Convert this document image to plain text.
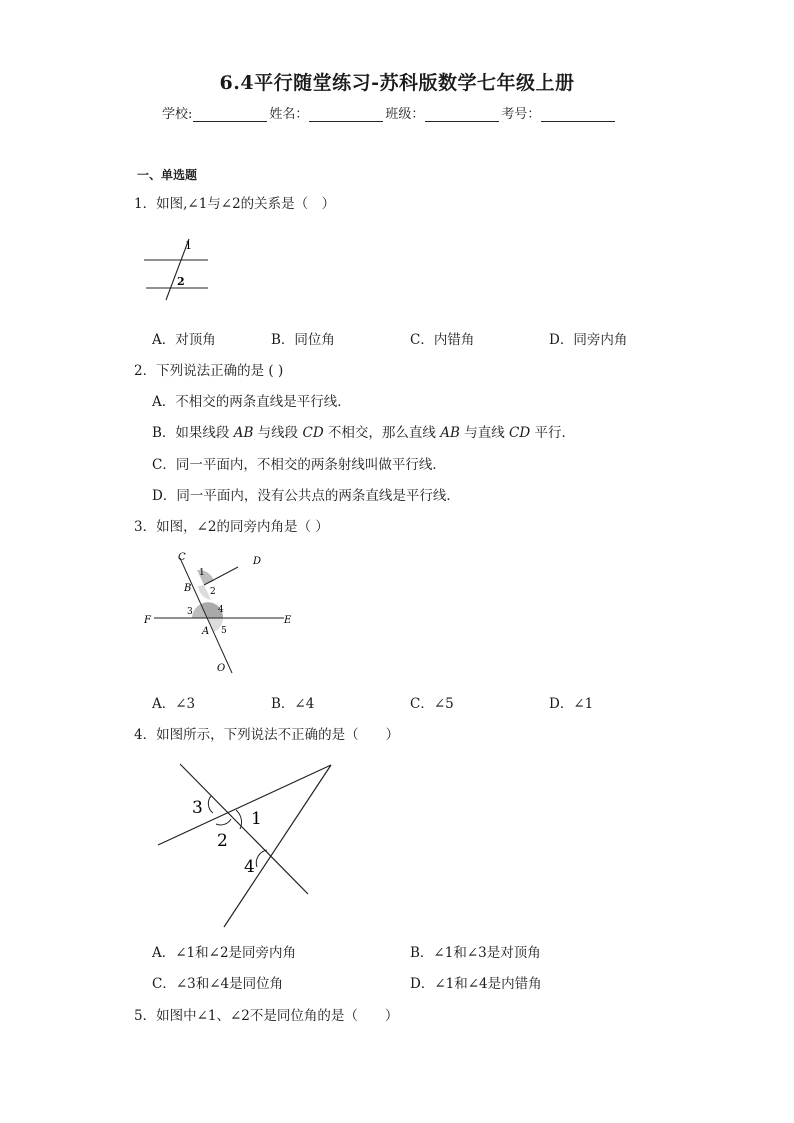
6.4平行随堂练习-苏科版数学七年级上册
学校:	姓名：	班级：	考号：
一、单选题
1．如图,∠1与∠2的关系是（　）
1
2
A．对顶角	B．同位角	C．内错角	D．同旁内角
2．下列说法正确的是 ( )
A．不相交的两条直线是平行线．
B．如果线段 AB 与线段 CD 不相交，那么直线 AB 与直线 CD 平行．
C．同一平面内，不相交的两条射线叫做平行线．
D．同一平面内，没有公共点的两条直线是平行线．
3．如图，∠2的同旁内角是（ ）
C	D
B
1
2
3	4
5
F	E
A
O
A．∠3	B．∠4	C．∠5	D．∠1
4．如图所示，下列说法不正确的是（　　）
3
1
2
4
A．∠1和∠2是同旁内角	B．∠1和∠3是对顶角
C．∠3和∠4是同位角	D．∠1和∠4是内错角
5．如图中∠1、∠2不是同位角的是（　　）
